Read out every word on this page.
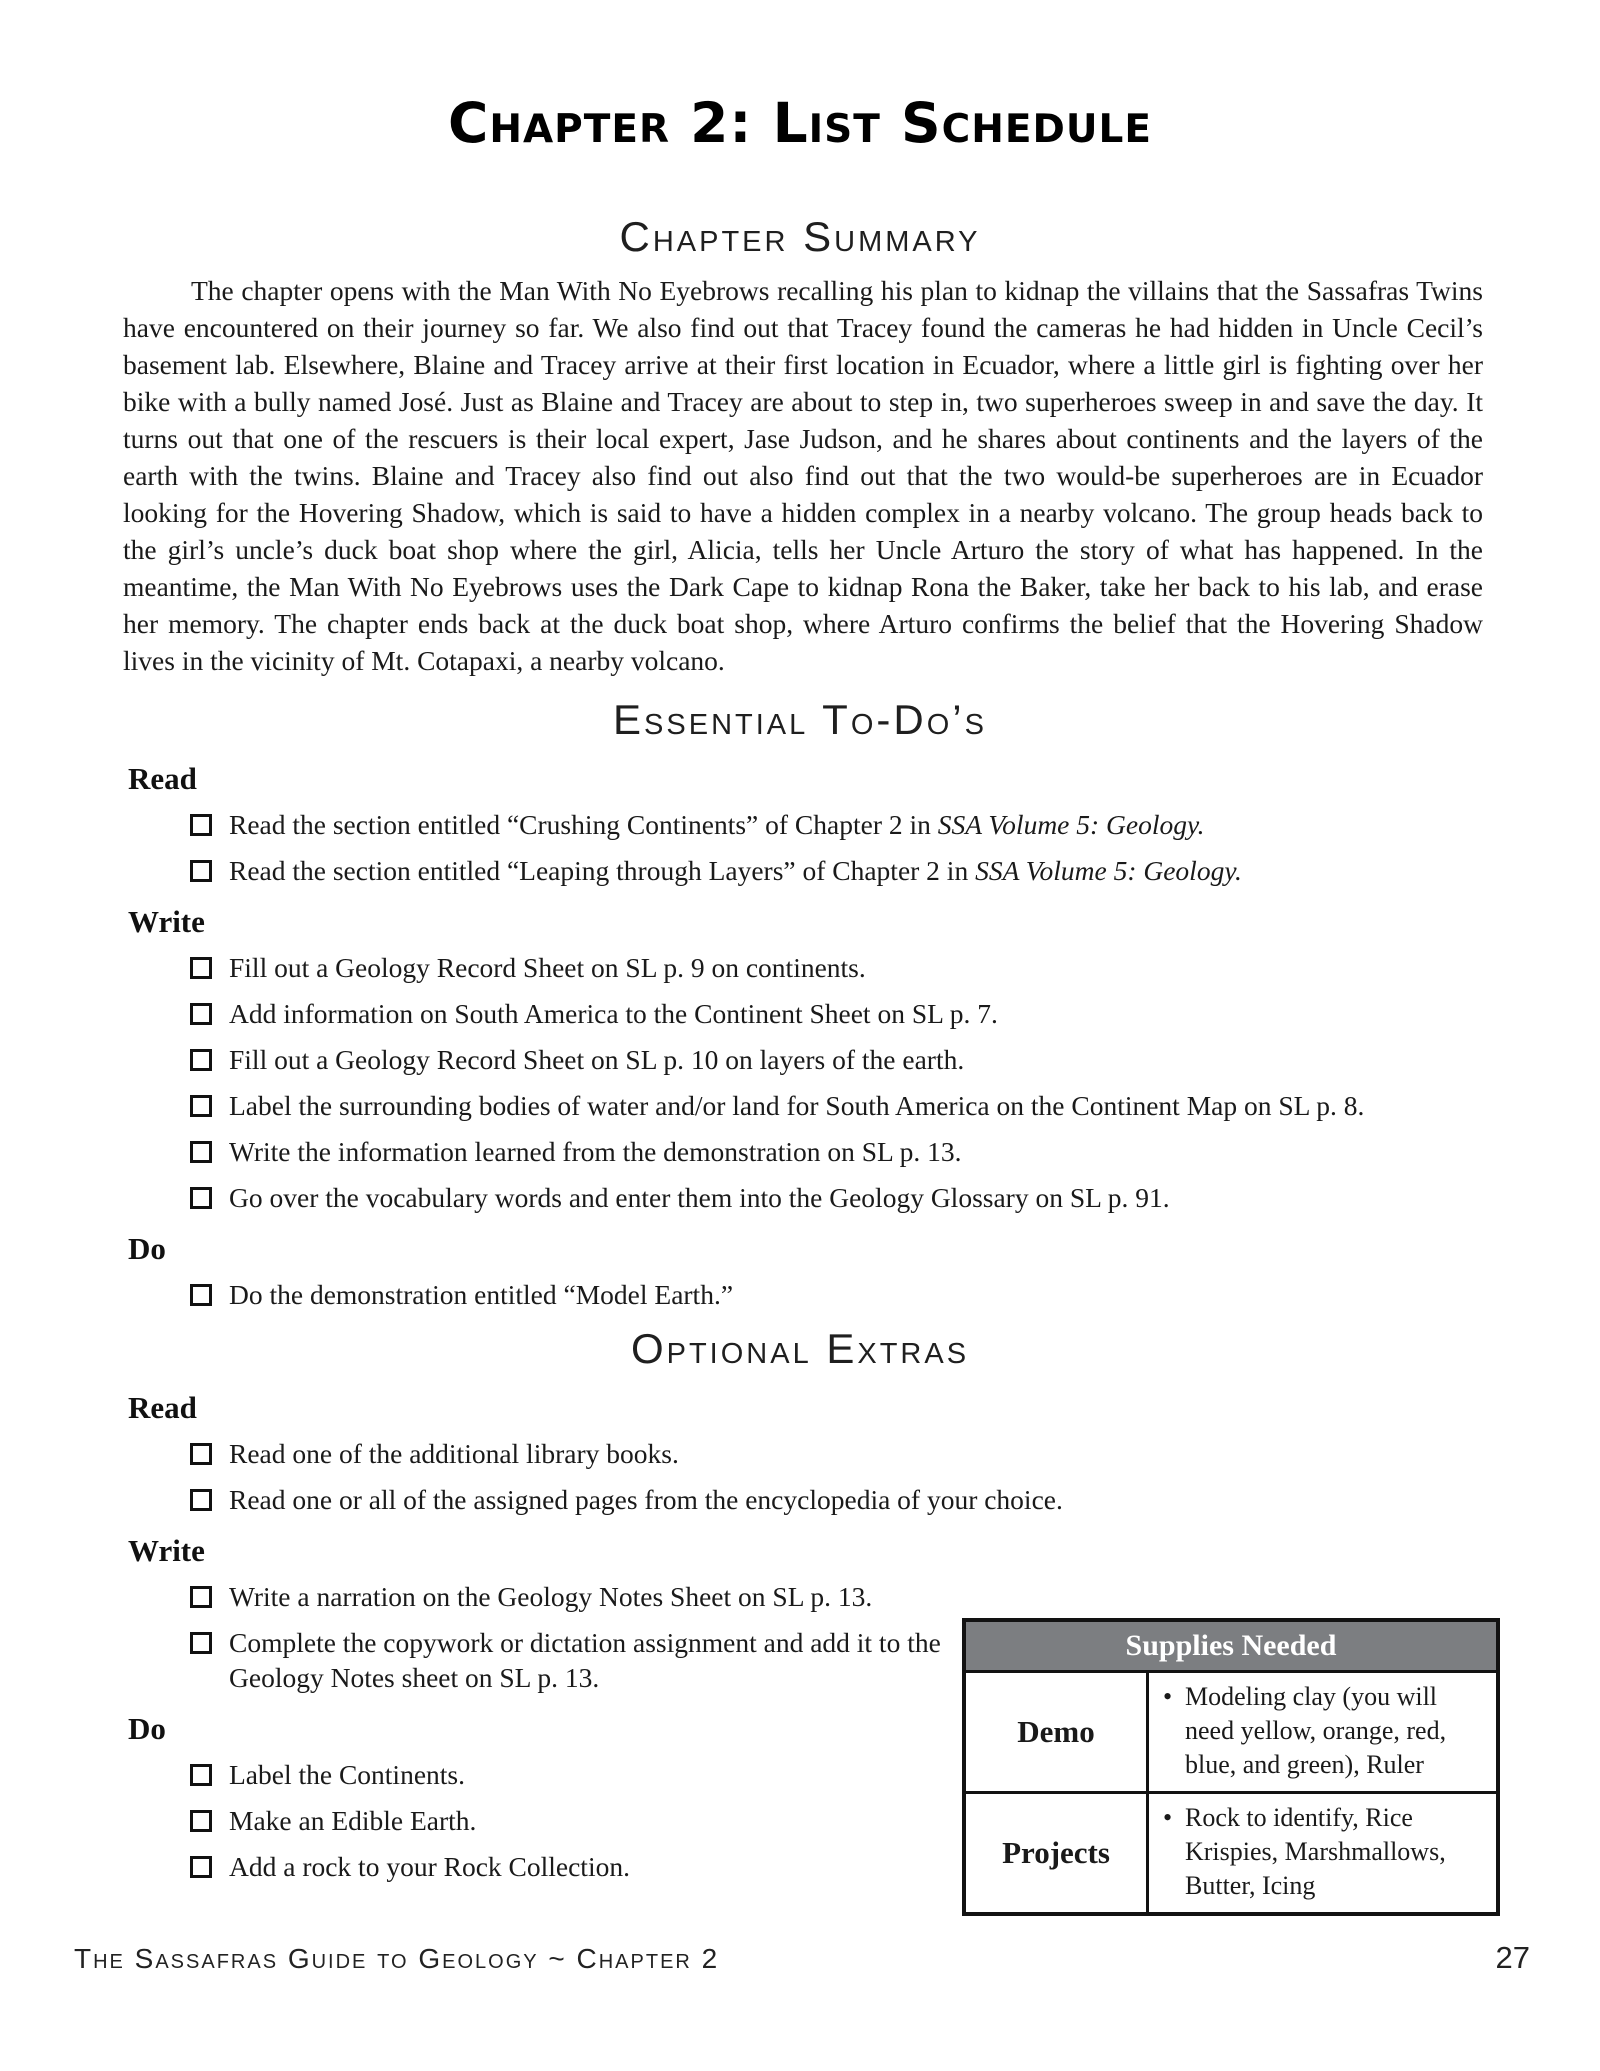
Chapter 2: List Schedule
Chapter Summary

The chapter opens with the Man With No Eyebrows recalling his plan to kidnap the villains that the Sassafras Twins have encountered on their journey so far. We also find out that Tracey found the cameras he had hidden in Uncle Cecil’s basement lab. Elsewhere, Blaine and Tracey arrive at their first location in Ecuador, where a little girl is fighting over her bike with a bully named José. Just as Blaine and Tracey are about to step in, two superheroes sweep in and save the day. It turns out that one of the rescuers is their local expert, Jase Judson, and he shares about continents and the layers of the earth with the twins. Blaine and Tracey also find out also find out that the two would-be superheroes are in Ecuador looking for the Hovering Shadow, which is said to have a hidden complex in a nearby volcano. The group heads back to the girl’s uncle’s duck boat shop where the girl, Alicia, tells her Uncle Arturo the story of what has happened. In the meantime, the Man With No Eyebrows uses the Dark Cape to kidnap Rona the Baker, take her back to his lab, and erase her memory. The chapter ends back at the duck boat shop, where Arturo confirms the belief that the Hovering Shadow lives in the vicinity of Mt. Cotapaxi, a nearby volcano.

Essential To-Do’s
Read
Read the section entitled “Crushing Continents” of Chapter 2 in SSA Volume 5: Geology.
Read the section entitled “Leaping through Layers” of Chapter 2 in SSA Volume 5: Geology.
Write
Fill out a Geology Record Sheet on SL p. 9 on continents.
Add information on South America to the Continent Sheet on SL p. 7.
Fill out a Geology Record Sheet on SL p. 10 on layers of the earth.
Label the surrounding bodies of water and/or land for South America on the Continent Map on SL p. 8.
Write the information learned from the demonstration on SL p. 13.
Go over the vocabulary words and enter them into the Geology Glossary on SL p. 91.
Do
Do the demonstration entitled “Model Earth.”
Optional Extras
Read
Read one of the additional library books.
Read one or all of the assigned pages from the encyclopedia of your choice.
Write
Write a narration on the Geology Notes Sheet on SL p. 13.
Complete the copywork or dictation assignment and add it to the Geology Notes sheet on SL p. 13.
Do
Label the Continents.
Make an Edible Earth.
Add a rock to your Rock Collection.
Supplies Needed
Demo
• Modeling clay (you will need yellow, orange, red, blue, and green), Ruler
Projects
• Rock to identify, Rice Krispies, Marshmallows, Butter, Icing
The Sassafras Guide to Geology ~ Chapter 2	27
